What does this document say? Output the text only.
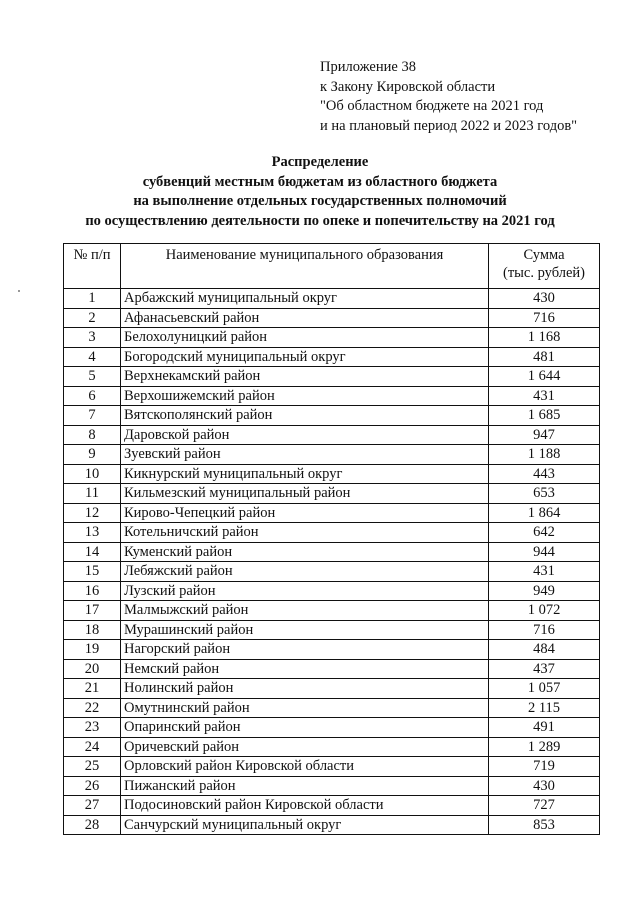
Приложение 38
к Закону Кировской области
"Об областном бюджете на 2021 год
и на плановый период 2022 и 2023 годов"
Распределение
субвенций местным бюджетам из областного бюджета
на выполнение отдельных государственных полномочий
по осуществлению деятельности по опеке и попечительству на 2021 год
№ п/п	Наименование муниципального образования	Сумма
(тыс. рублей)

1	Арбажский муниципальный округ	430
2	Афанасьевский район	716
3	Белохолуницкий район	1 168
4	Богородский муниципальный округ	481
5	Верхнекамский район	1 644
6	Верхошижемский район	431
7	Вятскополянский район	1 685
8	Даровской район	947
9	Зуевский район	1 188
10	Кикнурский муниципальный округ	443
11	Кильмезский муниципальный район	653
12	Кирово-Чепецкий район	1 864
13	Котельничский район	642
14	Куменский район	944
15	Лебяжский район	431
16	Лузский район	949
17	Малмыжский район	1 072
18	Мурашинский район	716
19	Нагорский район	484
20	Немский район	437
21	Нолинский район	1 057
22	Омутнинский район	2 115
23	Опаринский район	491
24	Оричевский район	1 289
25	Орловский район Кировской области	719
26	Пижанский район	430
27	Подосиновский район Кировской области	727
28	Санчурский муниципальный округ	853
